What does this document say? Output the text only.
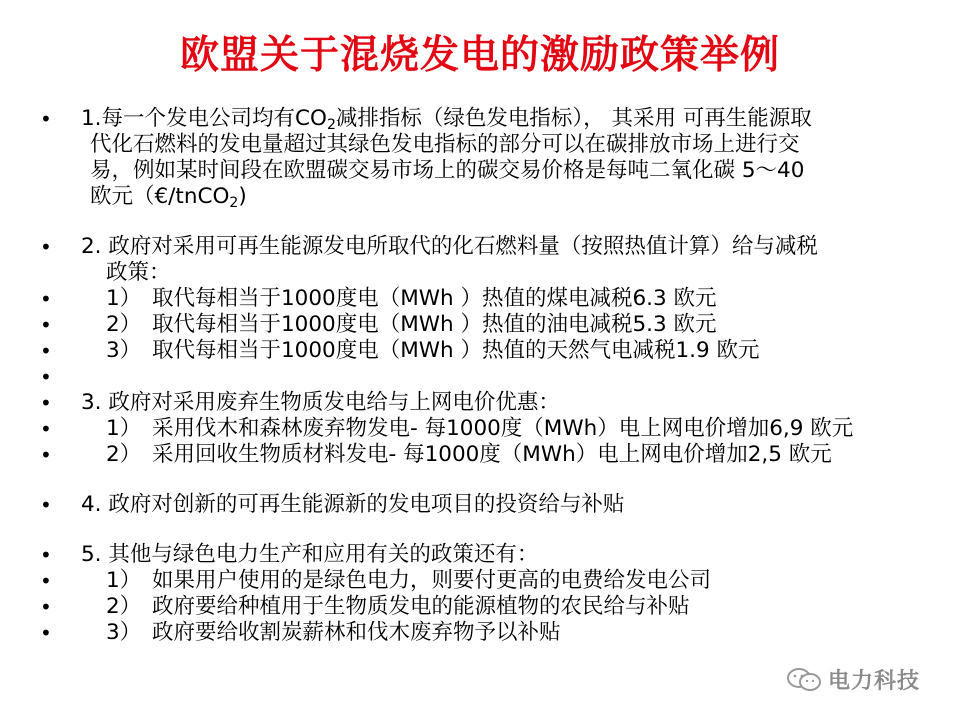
欧盟关于混烧发电的激励政策举例
•	1.每一个发电公司均有$CO_2$减排指标（绿色发电指标）， 其采用 可再生能源取
代化石燃料的发电量超过其绿色发电指标的部分可以在碳排放市场上进行交
易，例如某时间段在欧盟碳交易市场上的碳交易价格是每吨二氧化碳 5～40
欧元（€/tnCO$_2$)
•	2. 政府对采用可再生能源发电所取代的化石燃料量（按照热值计算）给与减税
政策：
•	1） 取代每相当于1000度电（MWh ）热值的煤电减税6.3 欧元
•	2） 取代每相当于1000度电（MWh ）热值的油电减税5.3 欧元
•	3） 取代每相当于1000度电（MWh ）热值的天然气电减税1.9 欧元
•
•	3. 政府对采用废弃生物质发电给与上网电价优惠：
•	1） 采用伐木和森林废弃物发电- 每1000度（MWh）电上网电价增加6,9 欧元
•	2） 采用回收生物质材料发电- 每1000度（MWh）电上网电价增加2,5 欧元
•	4. 政府对创新的可再生能源新的发电项目的投资给与补贴
•	5. 其他与绿色电力生产和应用有关的政策还有：
•	1） 如果用户使用的是绿色电力，则要付更高的电费给发电公司
•	2） 政府要给种植用于生物质发电的能源植物的农民给与补贴
•	3） 政府要给收割炭薪林和伐木废弃物予以补贴
电力科技
